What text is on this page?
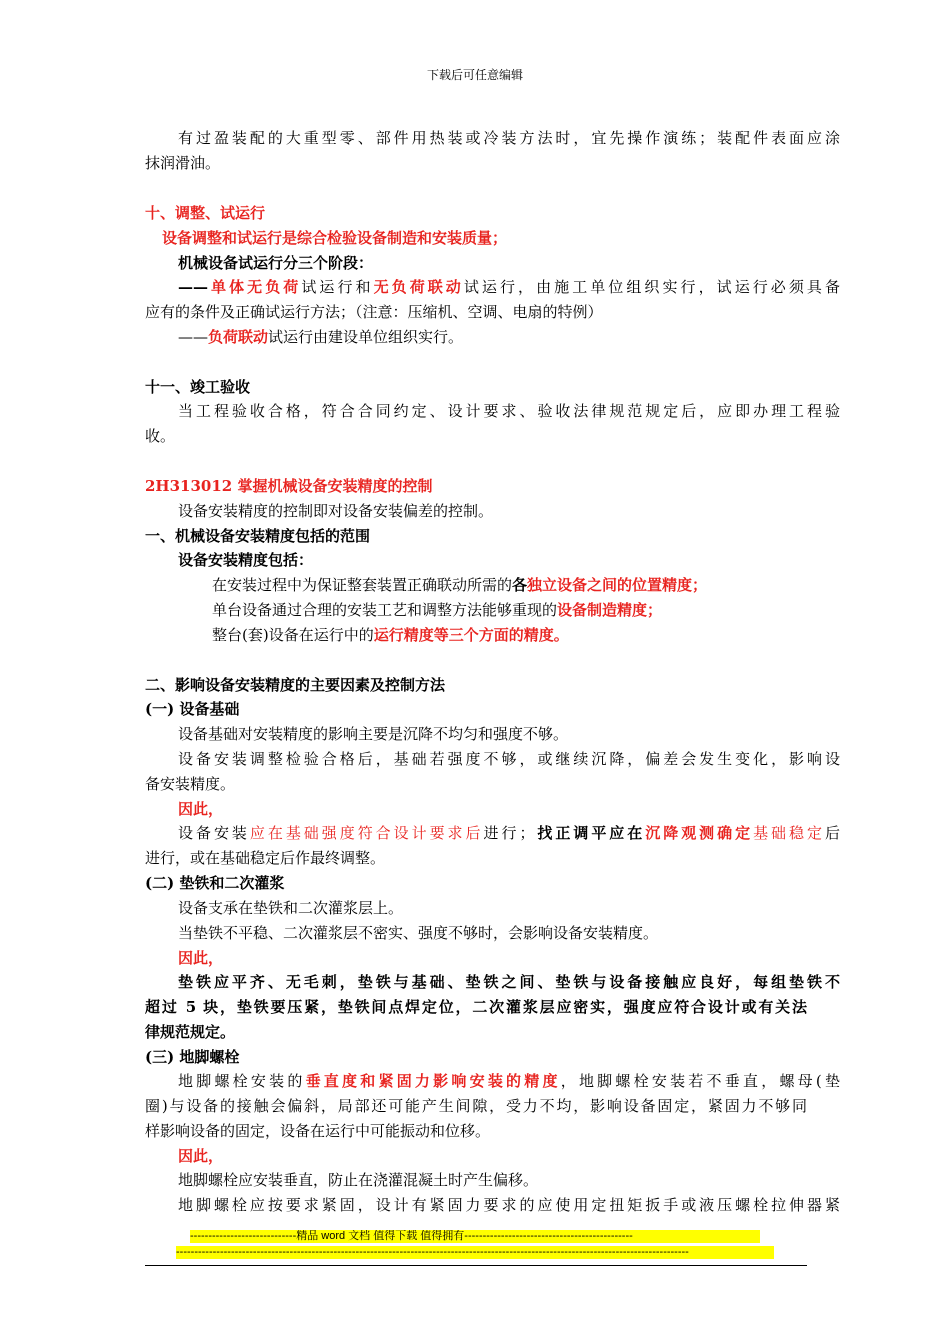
下载后可任意编辑
有过盈装配的大重型零、部件用热装或冷装方法时，宜先操作演练；装配件表面应涂
抹润滑油。
十、调整、试运行
设备调整和试运行是综合检验设备制造和安装质量；
机械设备试运行分三个阶段：
——单体无负荷试运行和无负荷联动试运行，由施工单位组织实行，试运行必须具备
应有的条件及正确试运行方法；（注意：压缩机、空调、电扇的特例）
——负荷联动试运行由建设单位组织实行。
十一、竣工验收
当工程验收合格，符合合同约定、设计要求、验收法律规范规定后，应即办理工程验
收。
2H313012 掌握机械设备安装精度的控制
设备安装精度的控制即对设备安装偏差的控制。
一、机械设备安装精度包括的范围
设备安装精度包括：
在安装过程中为保证整套装置正确联动所需的各独立设备之间的位置精度；
单台设备通过合理的安装工艺和调整方法能够重现的设备制造精度；
整台(套)设备在运行中的运行精度等三个方面的精度。
二、影响设备安装精度的主要因素及控制方法
(一) 设备基础
设备基础对安装精度的影响主要是沉降不均匀和强度不够。
设备安装调整检验合格后，基础若强度不够，或继续沉降，偏差会发生变化，影响设
备安装精度。
因此，
设备安装应在基础强度符合设计要求后进行；找正调平应在沉降观测确定基础稳定后
进行，或在基础稳定后作最终调整。
(二) 垫铁和二次灌浆
设备支承在垫铁和二次灌浆层上。
当垫铁不平稳、二次灌浆层不密实、强度不够时，会影响设备安装精度。
因此，
垫铁应平齐、无毛刺，垫铁与基础、垫铁之间、垫铁与设备接触应良好，每组垫铁不
超过 5 块，垫铁要压紧，垫铁间点焊定位，二次灌浆层应密实，强度应符合设计或有关法
律规范规定。
(三) 地脚螺栓
地脚螺栓安装的垂直度和紧固力影响安装的精度，地脚螺栓安装若不垂直，螺母(垫
圈)与设备的接触会偏斜，局部还可能产生间隙，受力不均，影响设备固定，紧固力不够同
样影响设备的固定，设备在运行中可能振动和位移。
因此，
地脚螺栓应安装垂直，防止在浇灌混凝土时产生偏移。
地脚螺栓应按要求紧固，设计有紧固力要求的应使用定扭矩扳手或液压螺栓拉伸器紧
-----------------------------精品 word 文档 值得下载 值得拥有----------------------------------------------
--------------------------------------------------------------------------------------------------------------------------------------------
